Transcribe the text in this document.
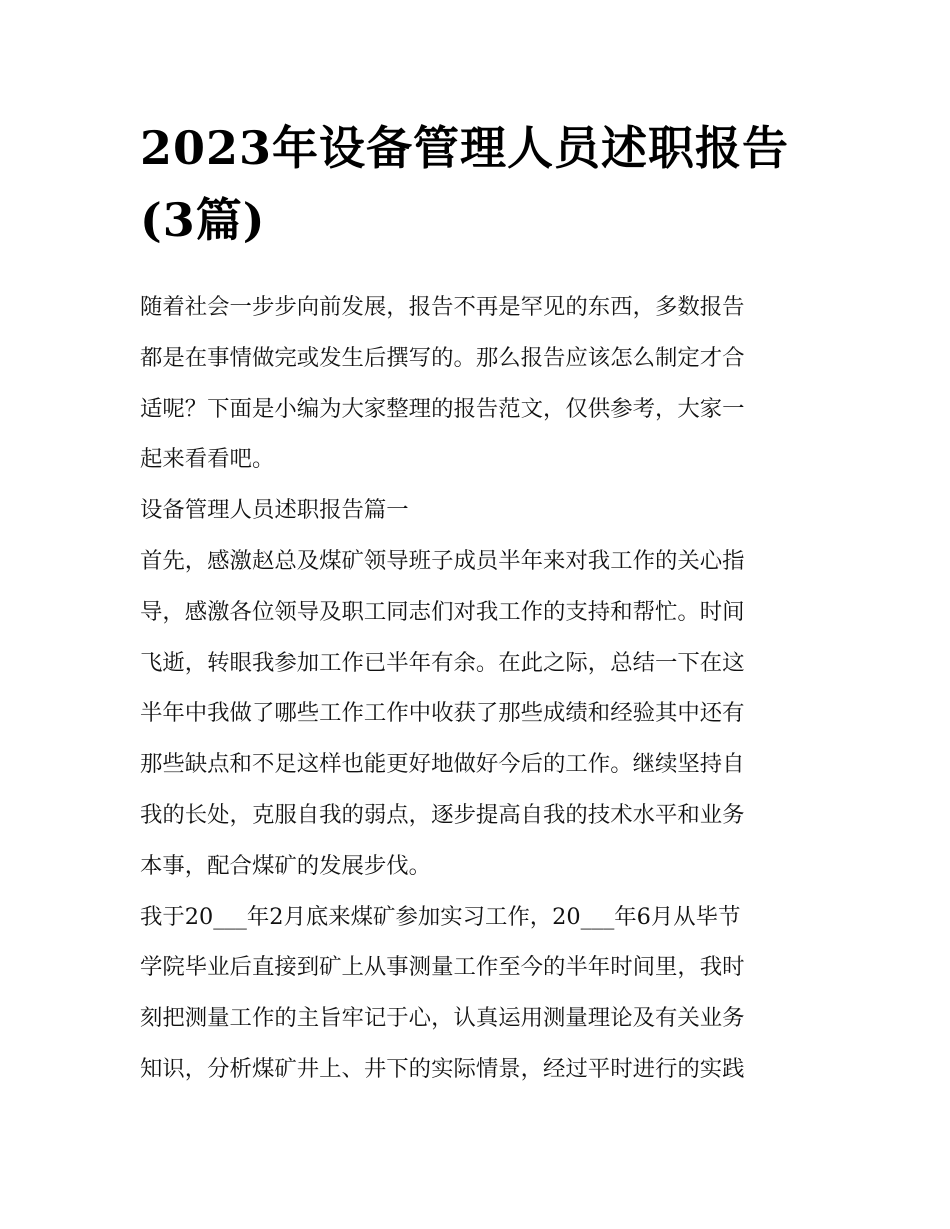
2023年设备管理人员述职报告
(3篇)

随着社会一步步向前发展，报告不再是罕见的东西，多数报告
都是在事情做完或发生后撰写的。那么报告应该怎么制定才合
适呢？下面是小编为大家整理的报告范文，仅供参考，大家一
起来看看吧。

设备管理人员述职报告篇一

首先，感激赵总及煤矿领导班子成员半年来对我工作的关心指
导，感激各位领导及职工同志们对我工作的支持和帮忙。时间
飞逝，转眼我参加工作已半年有余。在此之际，总结一下在这
半年中我做了哪些工作工作中收获了那些成绩和经验其中还有
那些缺点和不足这样也能更好地做好今后的工作。继续坚持自
我的长处，克服自我的弱点，逐步提高自我的技术水平和业务
本事，配合煤矿的发展步伐。

我于20___年2月底来煤矿参加实习工作，20___年6月从毕节
学院毕业后直接到矿上从事测量工作至今的半年时间里，我时
刻把测量工作的主旨牢记于心，认真运用测量理论及有关业务
知识，分析煤矿井上、井下的实际情景，经过平时进行的实践
